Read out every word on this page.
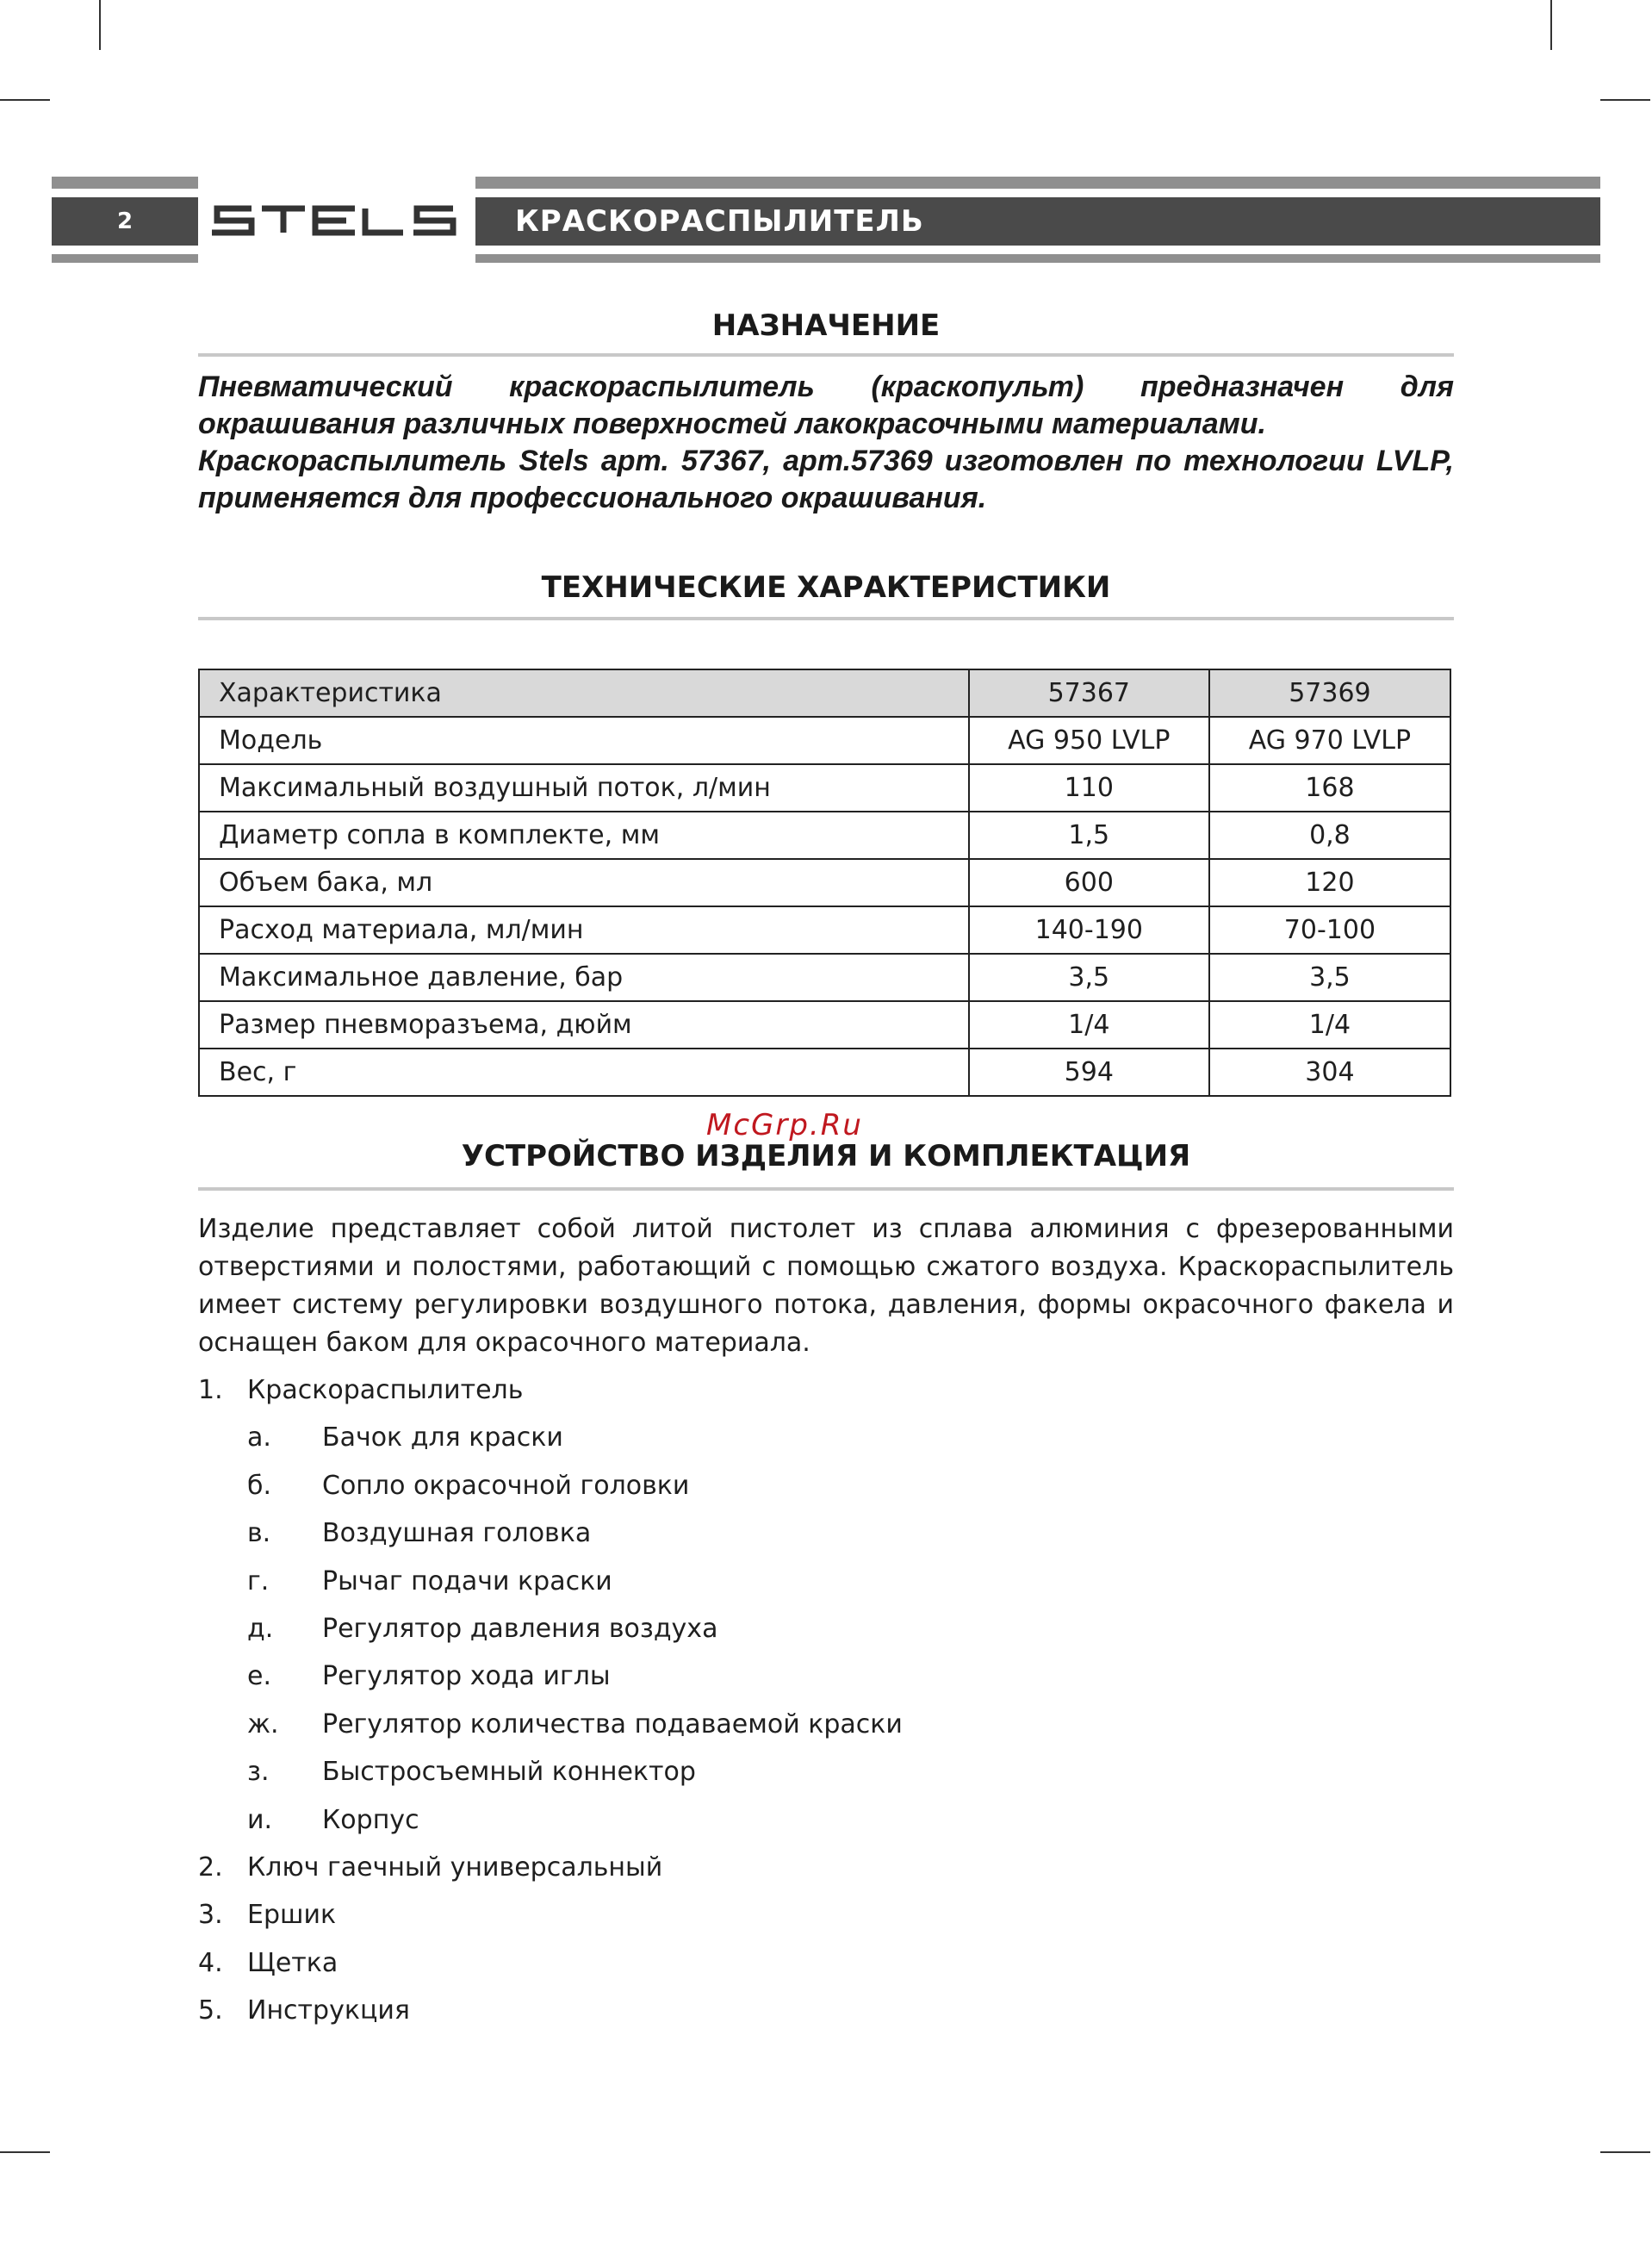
2	КРАСКОРАСПЫЛИТЕЛЬ
НАЗНАЧЕНИЕ

Пневматический краскораспылитель (краскопульт) предназначен для окрашивания различных поверхностей лакокрасочными материалами.

Краскораспылитель Stels арт. 57367, арт.57369 изготовлен по технологии LVLP, применяется для профессионального окрашивания.

ТЕХНИЧЕСКИЕ ХАРАКТЕРИСТИКИ
Характеристика	57367	57369
Модель	AG 950 LVLP	AG 970 LVLP
Максимальный воздушный поток, л/мин	110	168
Диаметр сопла в комплекте, мм	1,5	0,8
Объем бака, мл	600	120
Расход материала, мл/мин	140-190	70-100
Максимальное давление, бар	3,5	3,5
Размер пневморазъема, дюйм	1/4	1/4
Вес, г	594	304
McGrp.Ru
УСТРОЙСТВО ИЗДЕЛИЯ И КОМПЛЕКТАЦИЯ

Изделие представляет собой литой пистолет из сплава алюминия с фрезерованными отверстиями и полостями, работающий с помощью сжатого воздуха. Краскораспылитель имеет систему регулировки воздушного потока, давления, формы окрасочного факела и оснащен баком для окрасочного материала.

1. Краскораспылитель
а. Бачок для краски
б. Сопло окрасочной головки
в. Воздушная головка
г. Рычаг подачи краски
д. Регулятор давления воздуха
е. Регулятор хода иглы
ж. Регулятор количества подаваемой краски
з. Быстросъемный коннектор
и. Корпус
2. Ключ гаечный универсальный
3. Ершик
4. Щетка
5. Инструкция
